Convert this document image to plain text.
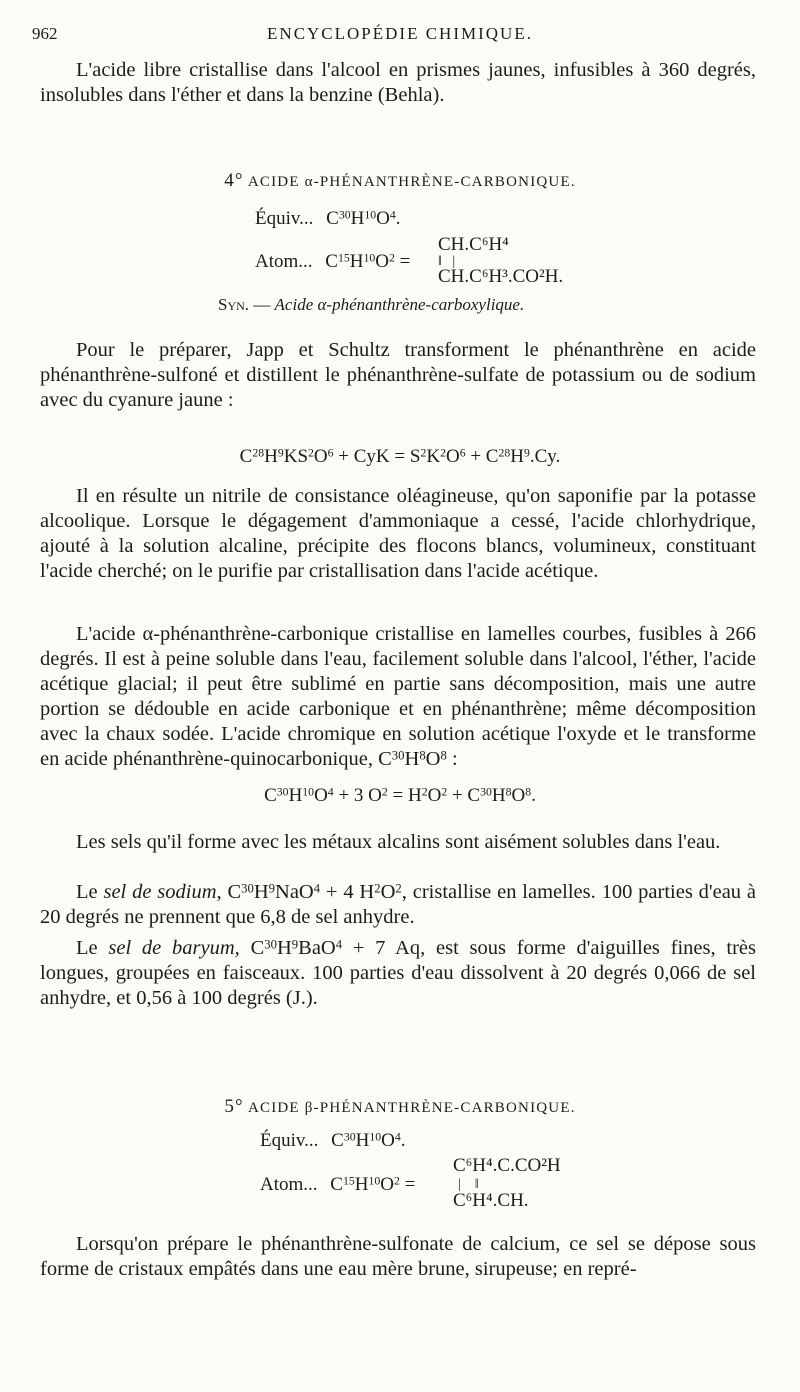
962	ENCYCLOPÉDIE CHIMIQUE.

L'acide libre cristallise dans l'alcool en prismes jaunes, infusibles à 360 degrés, insolubles dans l'éther et dans la benzine (Behla).

4° ACIDE α-PHÉNANTHRÈNE-CARBONIQUE.
Équiv... $C^{30}H^{10}O^4$.
CH.C⁶H⁴
Atom... $C^{15}H^{10}O^2$ = ‖   |
CH.C⁶H³.CO²H.
Syn. — Acide α-phénanthrène-carboxylique.

Pour le préparer, Japp et Schultz transforment le phénanthrène en acide phénanthrène-sulfoné et distillent le phénanthrène-sulfate de potassium ou de sodium avec du cyanure jaune :

$C^{28}H^9KS^2O^6$ + CyK = $S^2K^2O^6 + C^{28}H^9.Cy$.

Il en résulte un nitrile de consistance oléagineuse, qu'on saponifie par la potasse alcoolique. Lorsque le dégagement d'ammoniaque a cessé, l'acide chlorhydrique, ajouté à la solution alcaline, précipite des flocons blancs, volumineux, constituant l'acide cherché; on le purifie par cristallisation dans l'acide acétique.

L'acide α-phénanthrène-carbonique cristallise en lamelles courbes, fusibles à 266 degrés. Il est à peine soluble dans l'eau, facilement soluble dans l'alcool, l'éther, l'acide acétique glacial; il peut être sublimé en partie sans décomposition, mais une autre portion se dédouble en acide carbonique et en phénanthrène; même décomposition avec la chaux sodée. L'acide chromique en solution acétique l'oxyde et le transforme en acide phénanthrène-quinocarbonique, $C^{30}H^8O^8$ :

$C^{30}H^{10}O^4 + 3$ $O^2 = H^2O^2 + C^{30}H^8O^8$.

Les sels qu'il forme avec les métaux alcalins sont aisément solubles dans l'eau.

Le sel de sodium, $C^{30}H^9NaO^4 + 4$ $H^2O^2$, cristallise en lamelles. 100 parties d'eau à 20 degrés ne prennent que 6,8 de sel anhydre.

Le sel de baryum, $C^{30}H^9BaO^4 + 7$ Aq, est sous forme d'aiguilles fines, très longues, groupées en faisceaux. 100 parties d'eau dissolvent à 20 degrés 0,066 de sel anhydre, et 0,56 à 100 degrés (J.).

5° ACIDE β-PHÉNANTHRÈNE-CARBONIQUE.
Équiv... $C^{30}H^{10}O^4$.
C⁶H⁴.C.CO²H
Atom... $C^{15}H^{10}O^2$ =	|    ‖
C⁶H⁴.CH.

Lorsqu'on prépare le phénanthrène-sulfonate de calcium, ce sel se dépose sous forme de cristaux empâtés dans une eau mère brune, sirupeuse; en repré-
